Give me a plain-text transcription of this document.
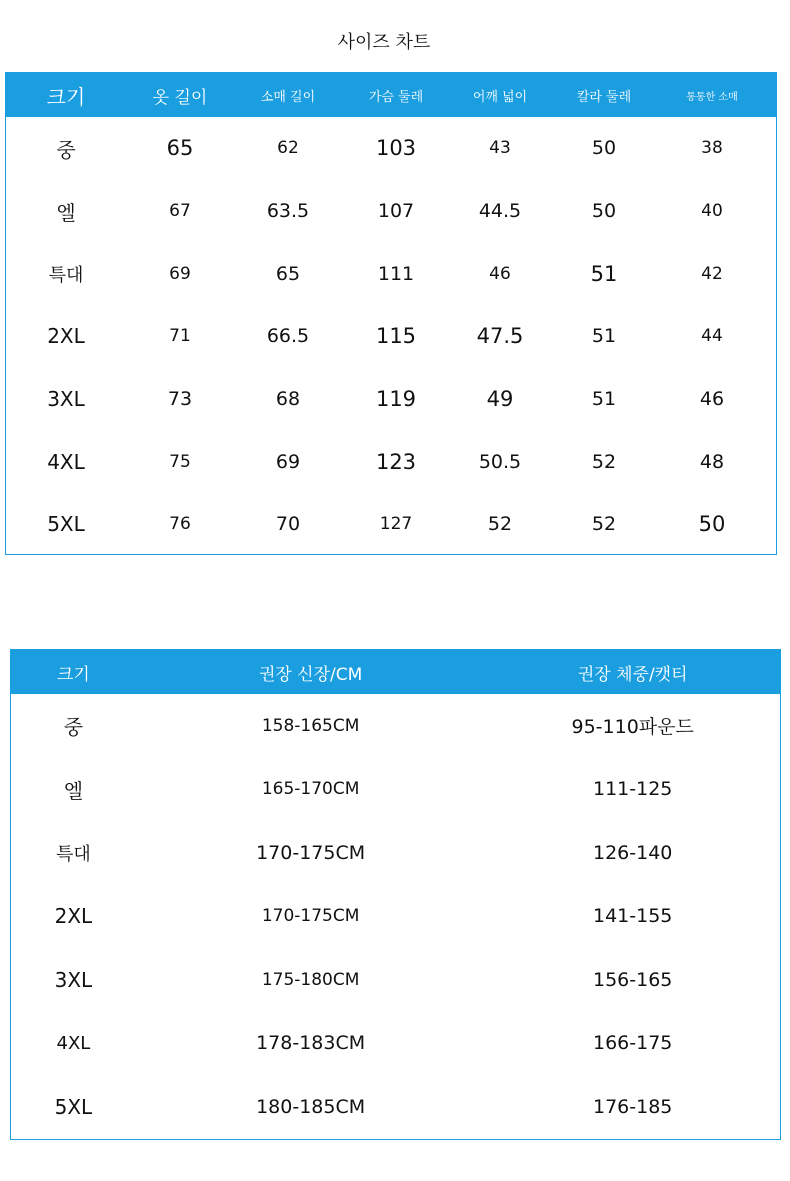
사이즈 차트
크기	옷 길이	소매 길이	가슴 둘레	어깨 넓이	칼라 둘레	통통한 소매
중	65	62	103	43	50	38
엘	67	63.5	107	44.5	50	40
특대	69	65	111	46	51	42
2XL	71	66.5	115	47.5	51	44
3XL	73	68	119	49	51	46
4XL	75	69	123	50.5	52	48
5XL	76	70	127	52	52	50
크기	권장 신장/CM	권장 체중/캣티
중	158-165CM	95-110파운드
엘	165-170CM	111-125
특대	170-175CM	126-140
2XL	170-175CM	141-155
3XL	175-180CM	156-165
4XL	178-183CM	166-175
5XL	180-185CM	176-185
